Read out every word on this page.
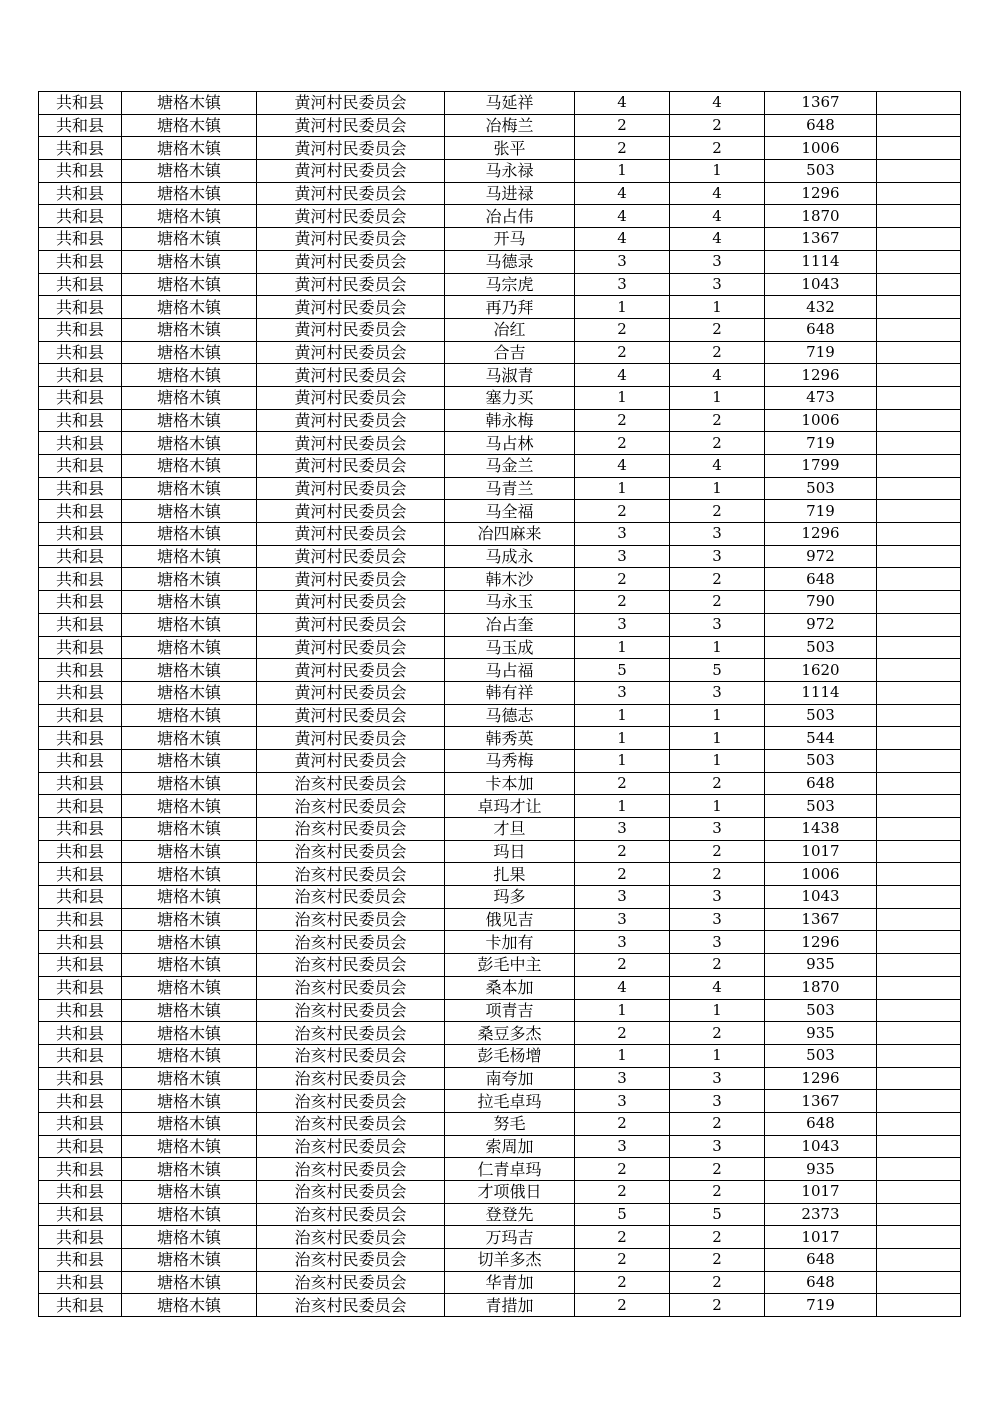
共和县	塘格木镇	黄河村民委员会	马延祥	4	4	1367	
共和县	塘格木镇	黄河村民委员会	冶梅兰	2	2	648	
共和县	塘格木镇	黄河村民委员会	张平	2	2	1006	
共和县	塘格木镇	黄河村民委员会	马永禄	1	1	503	
共和县	塘格木镇	黄河村民委员会	马进禄	4	4	1296	
共和县	塘格木镇	黄河村民委员会	冶占伟	4	4	1870	
共和县	塘格木镇	黄河村民委员会	开马	4	4	1367	
共和县	塘格木镇	黄河村民委员会	马德录	3	3	1114	
共和县	塘格木镇	黄河村民委员会	马宗虎	3	3	1043	
共和县	塘格木镇	黄河村民委员会	再乃拜	1	1	432	
共和县	塘格木镇	黄河村民委员会	冶红	2	2	648	
共和县	塘格木镇	黄河村民委员会	合吉	2	2	719	
共和县	塘格木镇	黄河村民委员会	马淑青	4	4	1296	
共和县	塘格木镇	黄河村民委员会	塞力买	1	1	473	
共和县	塘格木镇	黄河村民委员会	韩永梅	2	2	1006	
共和县	塘格木镇	黄河村民委员会	马占林	2	2	719	
共和县	塘格木镇	黄河村民委员会	马金兰	4	4	1799	
共和县	塘格木镇	黄河村民委员会	马青兰	1	1	503	
共和县	塘格木镇	黄河村民委员会	马全福	2	2	719	
共和县	塘格木镇	黄河村民委员会	冶四麻来	3	3	1296	
共和县	塘格木镇	黄河村民委员会	马成永	3	3	972	
共和县	塘格木镇	黄河村民委员会	韩木沙	2	2	648	
共和县	塘格木镇	黄河村民委员会	马永玉	2	2	790	
共和县	塘格木镇	黄河村民委员会	冶占奎	3	3	972	
共和县	塘格木镇	黄河村民委员会	马玉成	1	1	503	
共和县	塘格木镇	黄河村民委员会	马占福	5	5	1620	
共和县	塘格木镇	黄河村民委员会	韩有祥	3	3	1114	
共和县	塘格木镇	黄河村民委员会	马德志	1	1	503	
共和县	塘格木镇	黄河村民委员会	韩秀英	1	1	544	
共和县	塘格木镇	黄河村民委员会	马秀梅	1	1	503	
共和县	塘格木镇	治亥村民委员会	卡本加	2	2	648	
共和县	塘格木镇	治亥村民委员会	卓玛才让	1	1	503	
共和县	塘格木镇	治亥村民委员会	才旦	3	3	1438	
共和县	塘格木镇	治亥村民委员会	玛日	2	2	1017	
共和县	塘格木镇	治亥村民委员会	扎果	2	2	1006	
共和县	塘格木镇	治亥村民委员会	玛多	3	3	1043	
共和县	塘格木镇	治亥村民委员会	俄见吉	3	3	1367	
共和县	塘格木镇	治亥村民委员会	卡加有	3	3	1296	
共和县	塘格木镇	治亥村民委员会	彭毛中主	2	2	935	
共和县	塘格木镇	治亥村民委员会	桑本加	4	4	1870	
共和县	塘格木镇	治亥村民委员会	项青吉	1	1	503	
共和县	塘格木镇	治亥村民委员会	桑豆多杰	2	2	935	
共和县	塘格木镇	治亥村民委员会	彭毛杨增	1	1	503	
共和县	塘格木镇	治亥村民委员会	南夸加	3	3	1296	
共和县	塘格木镇	治亥村民委员会	拉毛卓玛	3	3	1367	
共和县	塘格木镇	治亥村民委员会	努毛	2	2	648	
共和县	塘格木镇	治亥村民委员会	索周加	3	3	1043	
共和县	塘格木镇	治亥村民委员会	仁青卓玛	2	2	935	
共和县	塘格木镇	治亥村民委员会	才项俄日	2	2	1017	
共和县	塘格木镇	治亥村民委员会	登登先	5	5	2373	
共和县	塘格木镇	治亥村民委员会	万玛吉	2	2	1017	
共和县	塘格木镇	治亥村民委员会	切羊多杰	2	2	648	
共和县	塘格木镇	治亥村民委员会	华青加	2	2	648	
共和县	塘格木镇	治亥村民委员会	青措加	2	2	719	
